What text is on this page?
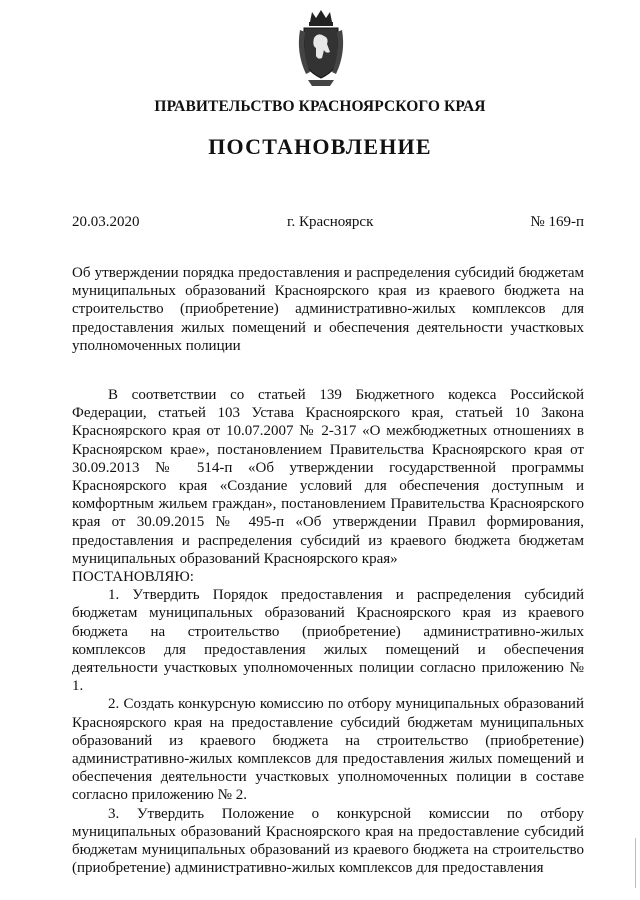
ПРАВИТЕЛЬСТВО КРАСНОЯРСКОГО КРАЯ
ПОСТАНОВЛЕНИЕ
20.03.2020	г. Красноярск	№ 169-п
Об утверждении порядка предоставления и распределения субсидий бюджетам муниципальных образований Красноярского края из краевого бюджета на строительство (приобретение) административно-жилых комплексов для предоставления жилых помещений и обеспечения деятельности участковых уполномоченных полиции

В соответствии со статьей 139 Бюджетного кодекса Российской Федерации, статьей 103 Устава Красноярского края, статьей 10 Закона Красноярского края от 10.07.2007 № 2-317 «О межбюджетных отношениях в Красноярском крае», постановлением Правительства Красноярского края от 30.09.2013 № 514-п «Об утверждении государственной программы Красноярского края «Создание условий для обеспечения доступным и комфортным жильем граждан», постановлением Правительства Красноярского края от 30.09.2015 № 495-п «Об утверждении Правил формирования, предоставления и распределения субсидий из краевого бюджета бюджетам муниципальных образований Красноярского края»

ПОСТАНОВЛЯЮ:

1. Утвердить Порядок предоставления и распределения субсидий бюджетам муниципальных образований Красноярского края из краевого бюджета на строительство (приобретение) административно-жилых комплексов для предоставления жилых помещений и обеспечения деятельности участковых уполномоченных полиции согласно приложению № 1.

2. Создать конкурсную комиссию по отбору муниципальных образований Красноярского края на предоставление субсидий бюджетам муниципальных образований из краевого бюджета на строительство (приобретение) административно-жилых комплексов для предоставления жилых помещений и обеспечения деятельности участковых уполномоченных полиции в составе согласно приложению № 2.

3. Утвердить Положение о конкурсной комиссии по отбору муниципальных образований Красноярского края на предоставление субсидий бюджетам муниципальных образований из краевого бюджета на строительство (приобретение) административно-жилых комплексов для предоставления
